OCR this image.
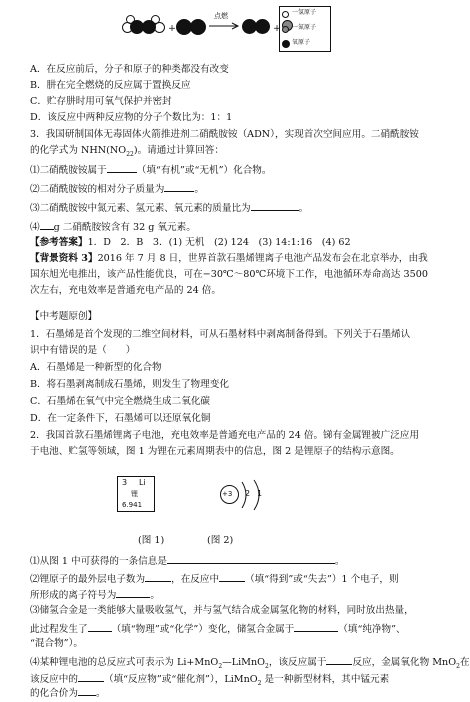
+
点燃
+
一氢原子
一氮原子
氧原子
A．在反应前后，分子和原子的种类都没有改变
B．肼在完全燃烧的反应属于置换反应
C．贮存肼时用可氧气保护并密封
D．该反应中两种反应物的分子个数比为：1：1
3．我国研制国体无毒固体火箭推进剂二硝酰胺铵（ADN），实现首次空间应用。二硝酰胺铵
的化学式为 $NHN(NO_{22})$。请通过计算回答：
⑴二硝酰胺铵属于	（填“有机”或“无机”）化合物。
⑵二硝酰胺铵的相对分子质量为	。
⑶二硝酰胺铵中氮元素、氢元素、氧元素的质量比为	。
⑷ g 二硝酰胺铵含有 32 g 氧元素。
【参考答案】1．D　2．B　3．(1) 无机　(2) 124　(3) 14:1:16　(4) 62
【背景资料 3】2016 年 7 月 8 日，世界首款石墨烯锂离子电池产品发布会在北京举办，由我
国东旭光电推出，该产品性能优良，可在−30℃～80℃环境下工作，电池循环寿命高达 3500
次左右，充电效率是普通充电产品的 24 倍。
【中考题原创】
1．石墨烯是首个发现的二维空间材料，可从石墨材料中剥离制备得到。下列关于石墨烯认
识中有错误的是（　　）
A．石墨烯是一种新型的化合物
B．将石墨剥离制成石墨烯，则发生了物理变化
C．石墨烯在氧气中完全燃烧生成二氧化碳
D．在一定条件下，石墨烯可以还原氧化铜
2．我国首款石墨烯锂离子电池，充电效率是普通充电产品的 24 倍。锑有金属锂被广泛应用
于电池、贮氢等领域，图 1 为锂在元素周期表中的信息，图 2 是锂原子的结构示意图。
3 Li
锂
6.941
+3 2 1
(图 1)	(图 2)
⑴从图 1 中可获得的一条信息是	。
⑵锂原子的最外层电子数为	，在反应中	（填“得到”或“失去”）1 个电子，则
所形成的离子符号为	。
⑶储氢合金是一类能够大量吸收氢气，并与氢气结合成金属氢化物的材料，同时放出热量，
此过程发生了	（填“物理”或“化学”）变化，储氢合金属于	（填“纯净物”、
“混合物”）。
⑷某种锂电池的总反应式可表示为 Li+MnO$_2$—LiMnO$_2$，该反应属于	反应，金属氧化物 MnO$_2$在
该反应中的	（填“反应物”或“催化剂”），LiMnO$_2$ 是一种新型材料，其中锰元素
的化合价为 。
